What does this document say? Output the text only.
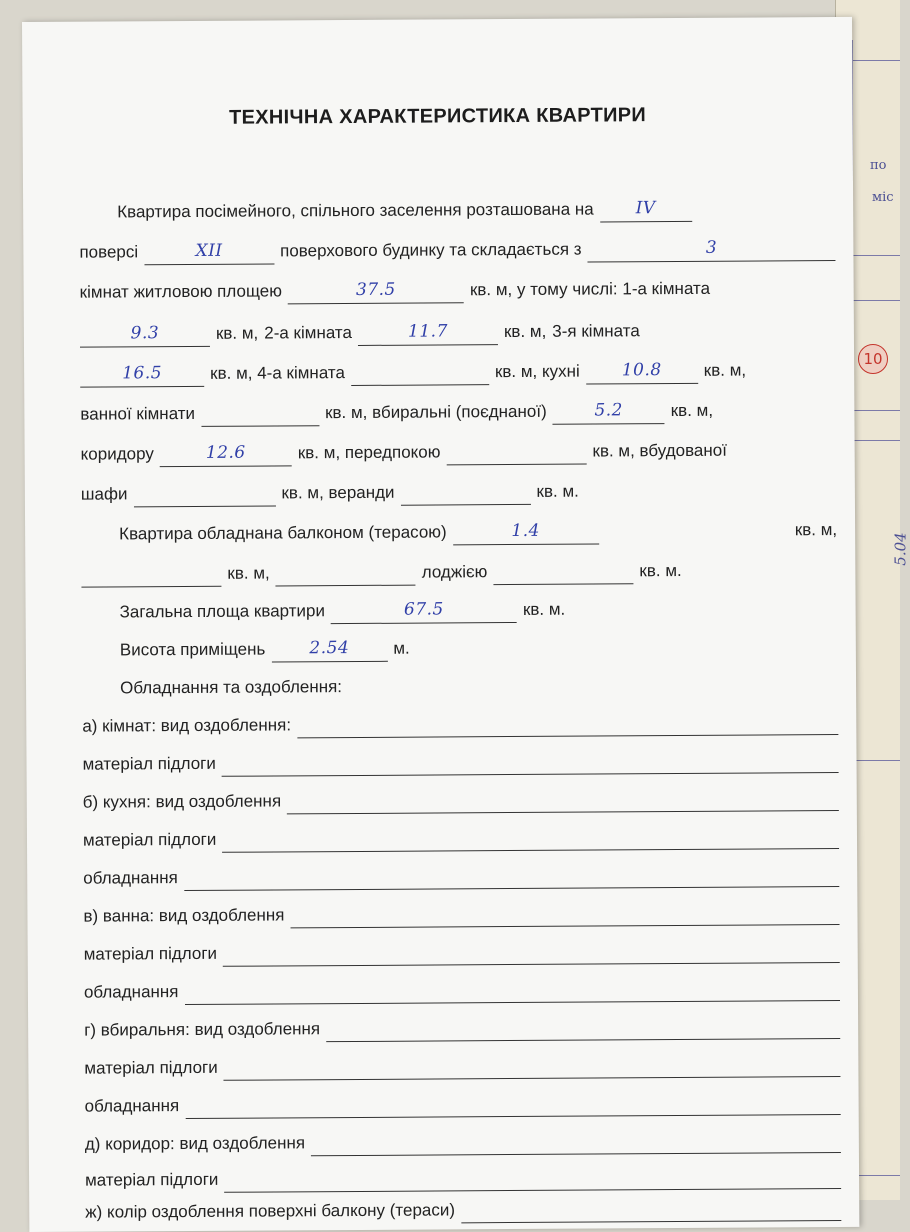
по
міс
10
5.04
ТЕХНІЧНА ХАРАКТЕРИСТИКА КВАРТИРИ
Квартира посімейного, спільного заселення розташована на	IV
поверсі	XII	поверхового будинку та складається з	3
кімнат житловою площею	37.5	кв. м, у тому числі: 1-а кімната
9.3	кв. м, 2-а кімната	11.7	кв. м, 3-я кімната
16.5	кв. м, 4-а кімната	кв. м, кухні	10.8	кв. м,
ванної кімнати	кв. м, вбиральні (поєднаної)	5.2	кв. м,
коридору	12.6	кв. м, передпокою	кв. м, вбудованої
шафи	кв. м, веранди	кв. м.
Квартира обладнана балконом (терасою)	1.4	кв. м,
кв. м,	лоджією	кв. м.
Загальна площа квартири	67.5	кв. м.
Висота приміщень	2.54	м.
Обладнання та оздоблення:
а) кімнат: вид оздоблення:
матеріал підлоги
б) кухня: вид оздоблення
матеріал підлоги
обладнання
в) ванна: вид оздоблення
матеріал підлоги
обладнання
г) вбиральня: вид оздоблення
матеріал підлоги
обладнання
д) коридор: вид оздоблення
матеріал підлоги
ж) колір оздоблення поверхні балкону (тераси)
